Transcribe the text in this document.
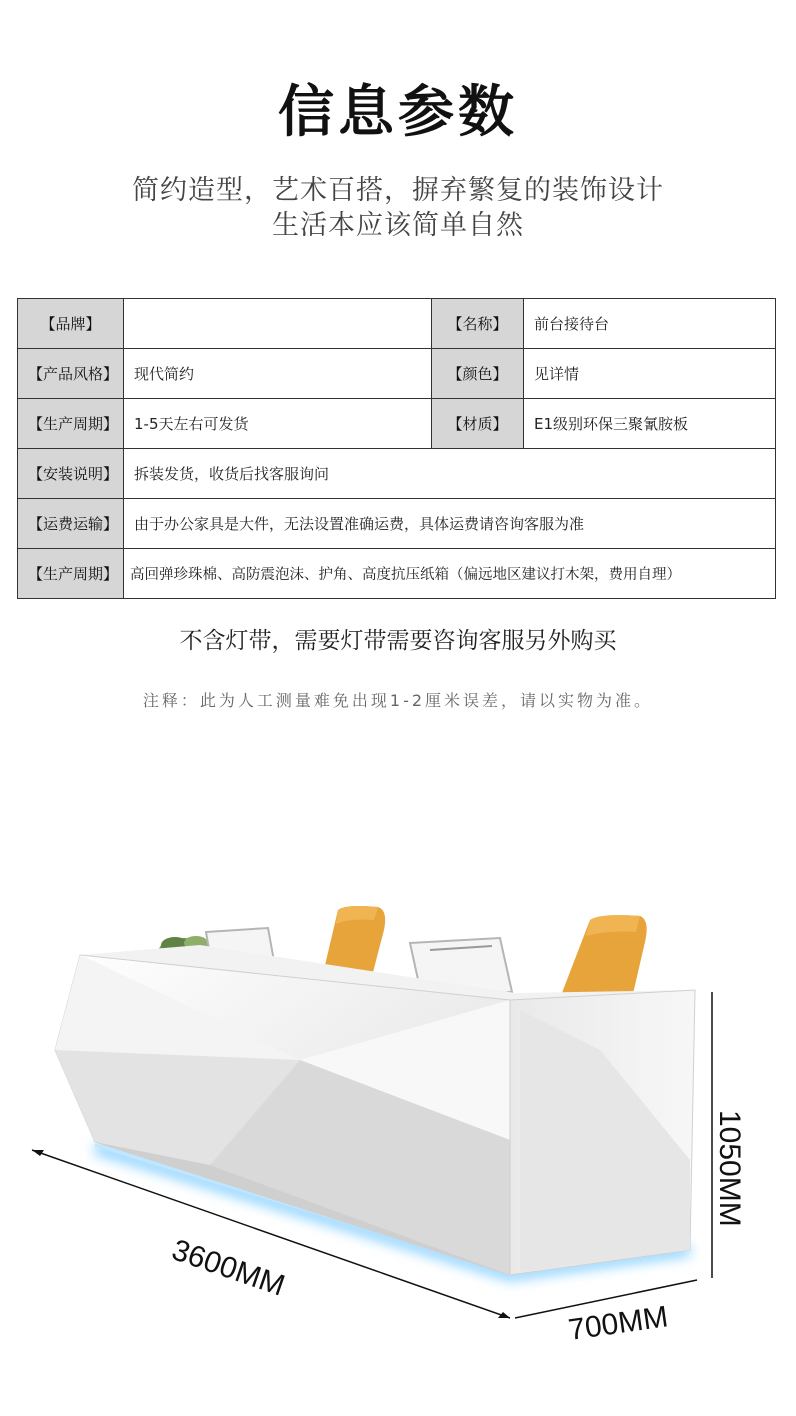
信息参数
简约造型，艺术百搭，摒弃繁复的装饰设计
生活本应该简单自然
【品牌】		【名称】	前台接待台
【产品风格】	现代简约	【颜色】	见详情
【生产周期】	1-5天左右可发货	【材质】	E1级别环保三聚氰胺板
【安装说明】	拆装发货，收货后找客服询问		
【运费运输】	由于办公家具是大件，无法设置准确运费，具体运费请咨询客服为准		
【生产周期】	高回弹珍珠棉、高防震泡沫、护角、高度抗压纸箱（偏远地区建议打木架，费用自理）		
不含灯带，需要灯带需要咨询客服另外购买
注释：此为人工测量难免出现1-2厘米误差，请以实物为准。
3600MM
700MM
1050MM
